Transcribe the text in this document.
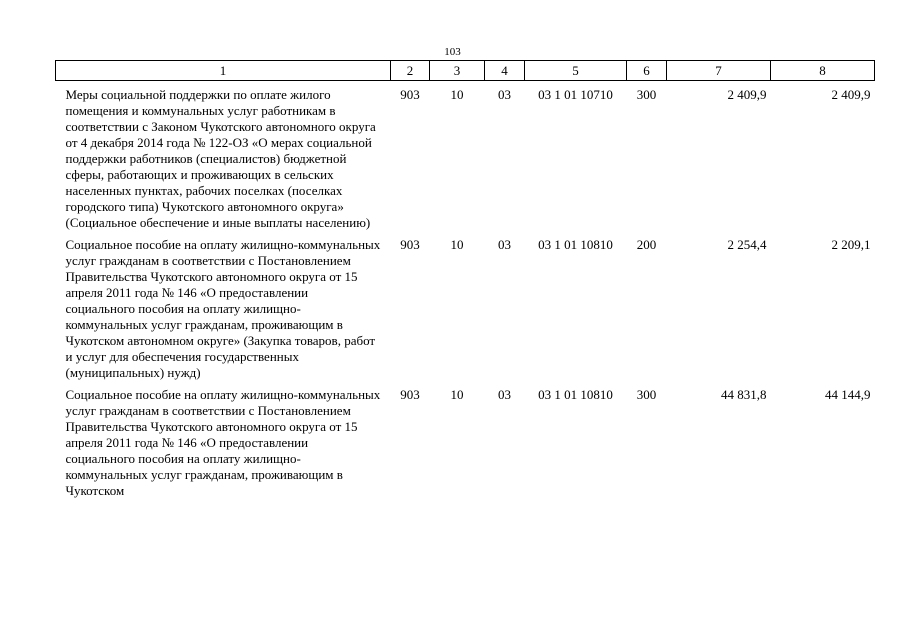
103
1	2	3	4	5	6	7	8
Меры социальной поддержки по оплате жилого помещения и коммунальных услуг работникам в соответствии с Законом Чукотского автономного округа от 4 декабря 2014 года № 122-ОЗ «О мерах социальной поддержки работников (специалистов) бюджетной сферы, работающих и проживающих в сельских населенных пунктах, рабочих поселках (поселках городского типа) Чукотского автономного округа» (Социальное обеспечение и иные выплаты населению)	903	10	03	03 1 01 10710	300	2 409,9	2 409,9
Социальное пособие на оплату жилищно-коммунальных услуг гражданам в соответствии с Постановлением Правительства Чукотского автономного округа от 15 апреля 2011 года № 146 «О предоставлении социального пособия на оплату жилищно-коммунальных услуг гражданам, проживающим в Чукотском автономном округе» (Закупка товаров, работ и услуг для обеспечения государственных (муниципальных) нужд)	903	10	03	03 1 01 10810	200	2 254,4	2 209,1
Социальное пособие на оплату жилищно-коммунальных услуг гражданам в соответствии с Постановлением Правительства Чукотского автономного округа от 15 апреля 2011 года № 146 «О предоставлении социального пособия на оплату жилищно-коммунальных услуг гражданам, проживающим в Чукотском	903	10	03	03 1 01 10810	300	44 831,8	44 144,9
